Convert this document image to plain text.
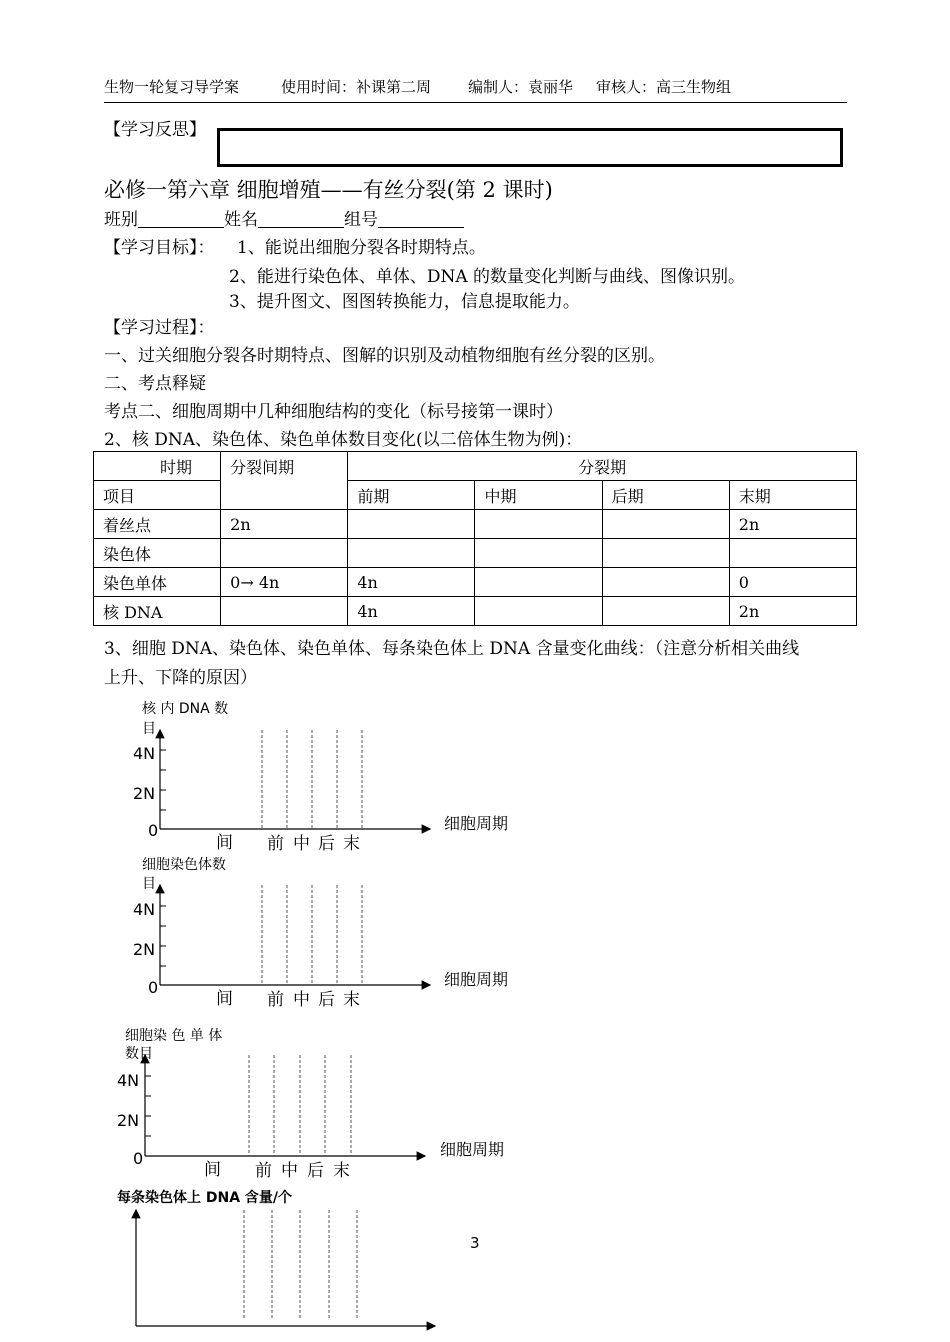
生物一轮复习导学案	使用时间：补课第二周 编制人：袁丽华 审核人：高三生物组
【学习反思】
必修一第六章 细胞增殖——有丝分裂(第 2 课时)
班别	姓名	组号
【学习目标】： 1、能说出细胞分裂各时期特点。
2、能进行染色体、单体、DNA 的数量变化判断与曲线、图像识别。
3、提升图文、图图转换能力，信息提取能力。
【学习过程】：
一、过关细胞分裂各时期特点、图解的识别及动植物细胞有丝分裂的区别。
二、考点释疑
考点二、细胞周期中几种细胞结构的变化（标号接第一课时）
2、核 DNA、染色体、染色单体数目变化(以二倍体生物为例)：
时期	分裂间期	分裂期			
项目		前期	中期	后期	末期
着丝点	2n				2n
染色体					
染色单体	0→ 4n	4n			0
核 DNA		4n			2n
3、细胞 DNA、染色体、染色单体、每条染色体上 DNA 含量变化曲线：（注意分析相关曲线
上升、下降的原因）
核 内 DNA 数
目
4N
2N
0
间 前 中 后 末
细胞周期
细胞染色体数
目
4N
2N
0
间 前 中 后 末
细胞周期
细胞染 色 单 体
数目
4N
2N
0
间 前 中 后 末
细胞周期
每条染色体上 DNA 含量/个
3
